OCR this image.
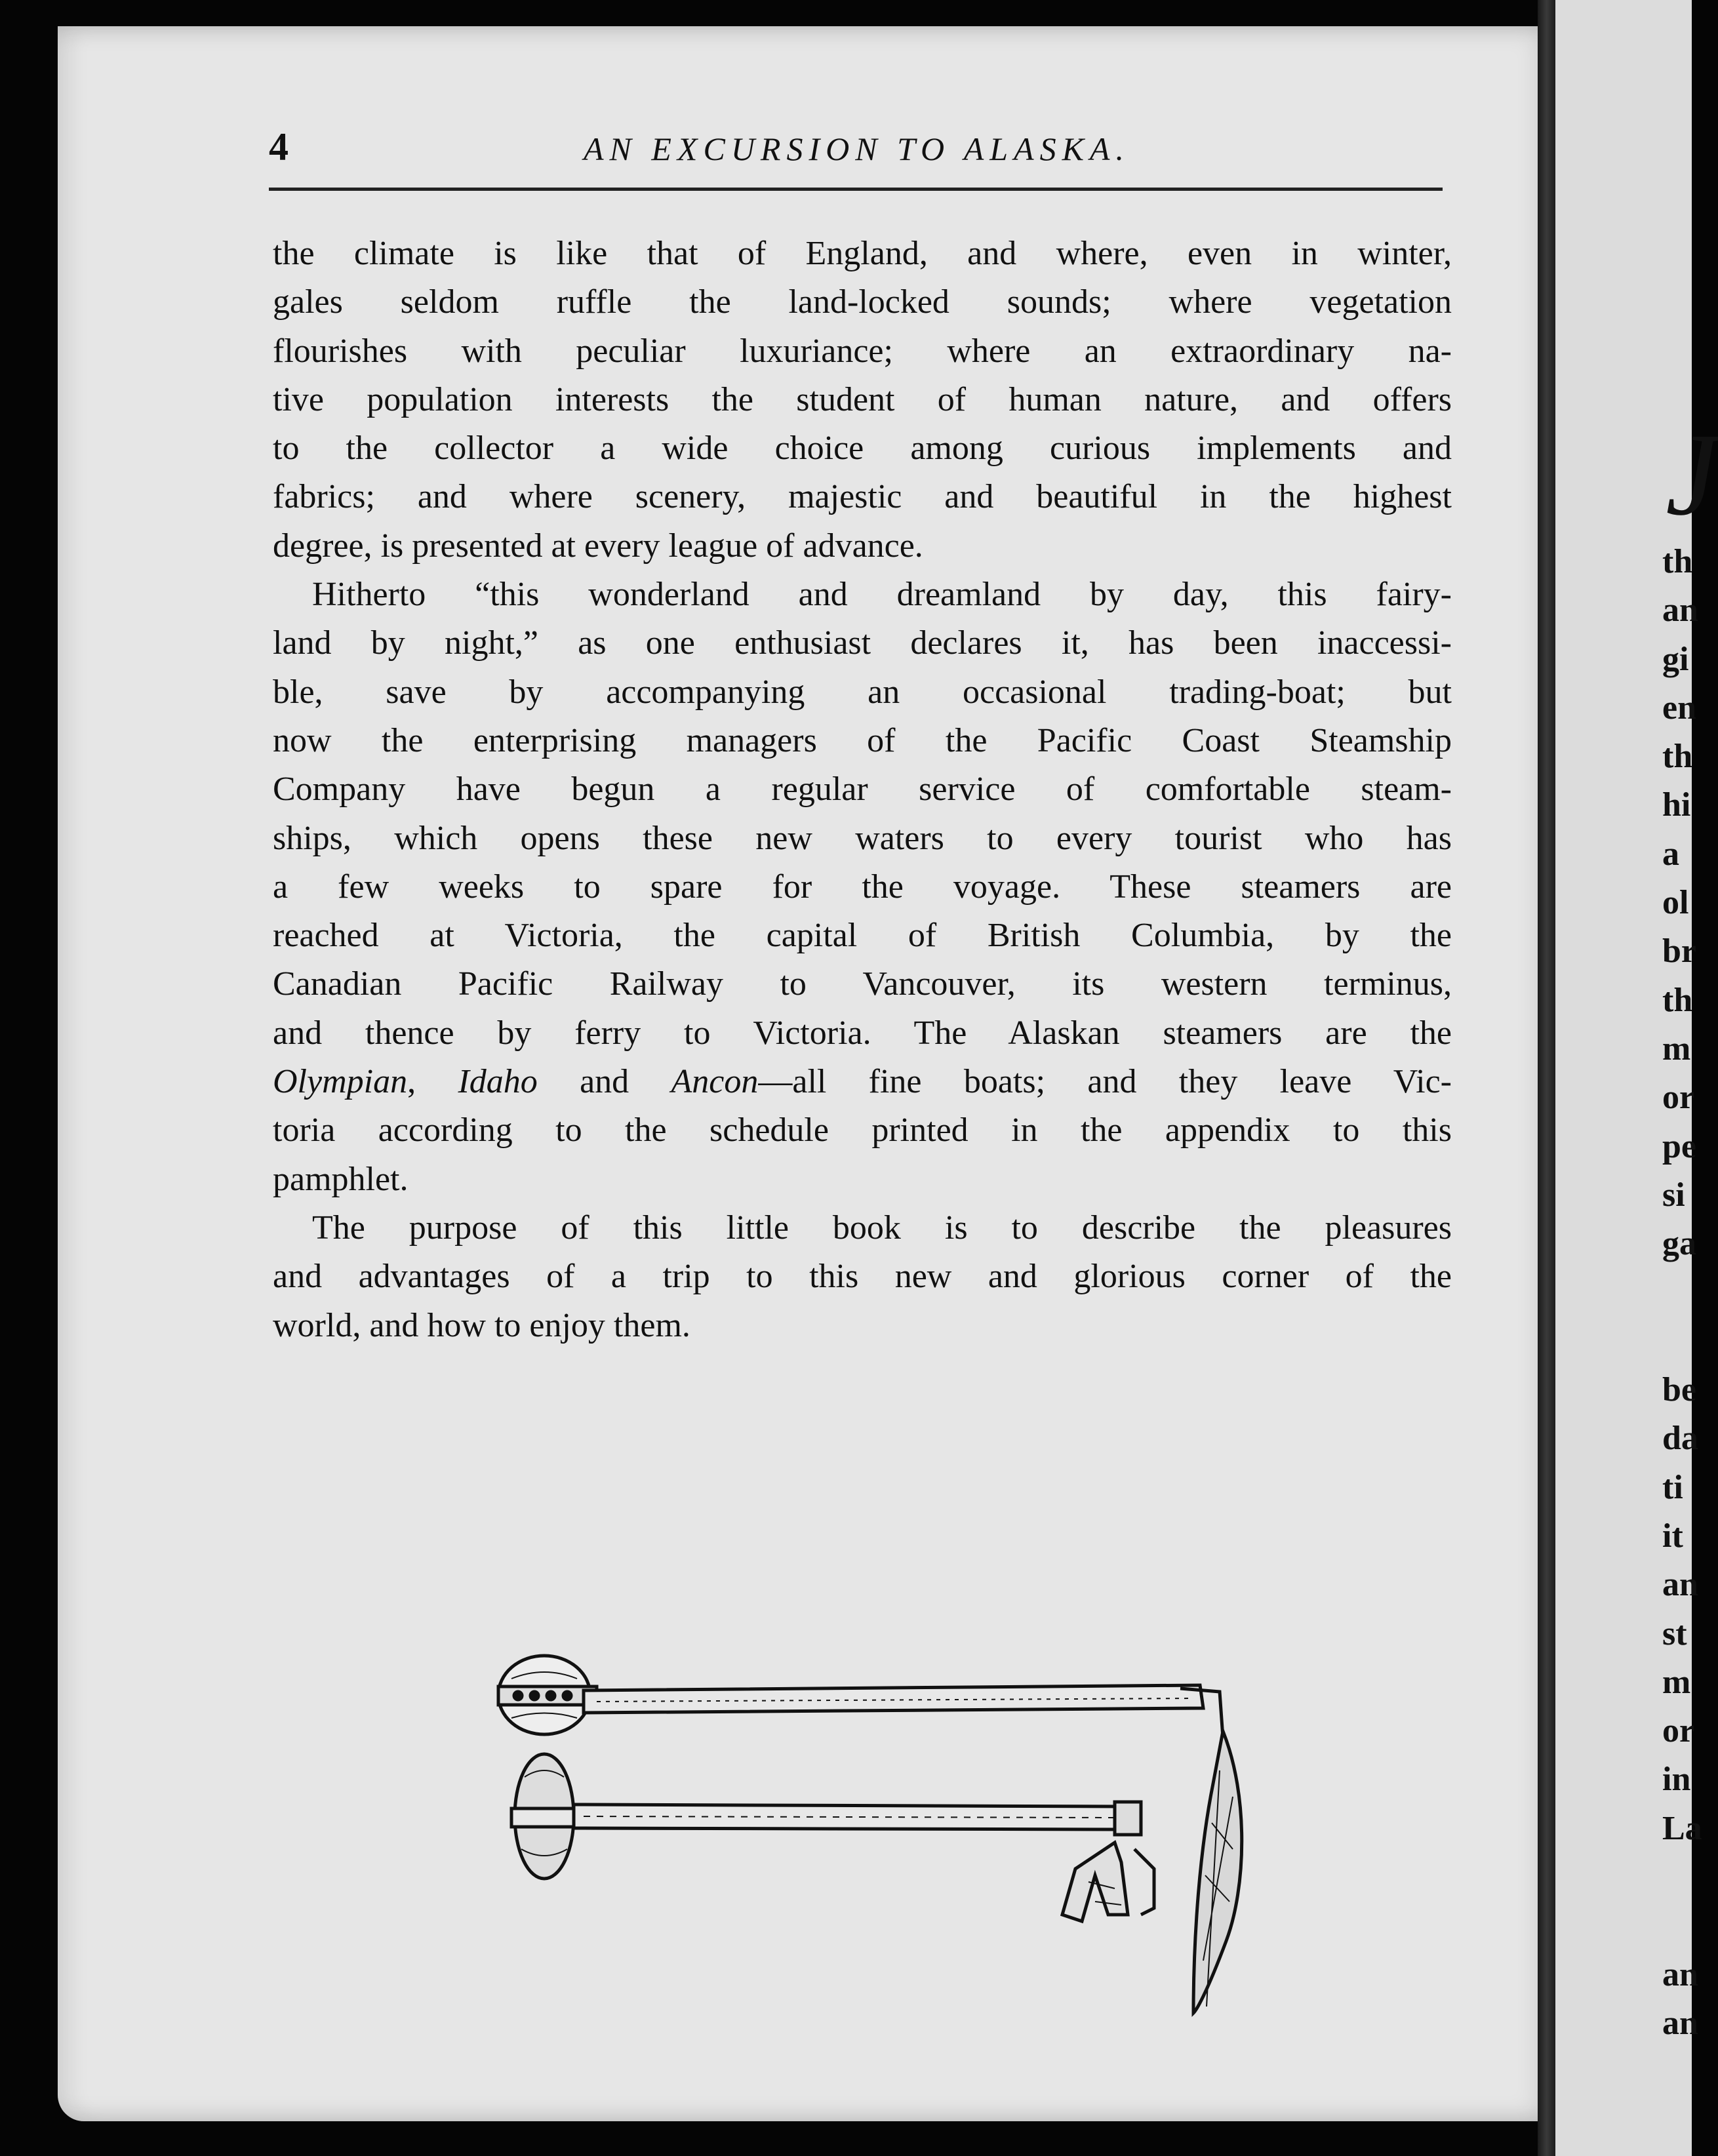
4	AN EXCURSION TO ALASKA.
the climate is like that of England, and where, even in winter,
gales seldom ruffle the land-locked sounds; where vegetation
flourishes with peculiar luxuriance; where an extraordinary na-
tive population interests the student of human nature, and offers
to the collector a wide choice among curious implements and
fabrics; and where scenery, majestic and beautiful in the highest
degree, is presented at every league of advance.
Hitherto “this wonderland and dreamland by day, this fairy-
land by night,” as one enthusiast declares it, has been inaccessi-
ble, save by accompanying an occasional trading-boat; but
now the enterprising managers of the Pacific Coast Steamship
Company have begun a regular service of comfortable steam-
ships, which opens these new waters to every tourist who has
a few weeks to spare for the voyage. These steamers are
reached at Victoria, the capital of British Columbia, by the
Canadian Pacific Railway to Vancouver, its western terminus,
and thence by ferry to Victoria. The Alaskan steamers are the
Olympian, Idaho and Ancon—all fine boats; and they leave Vic-
toria according to the schedule printed in the appendix to this
pamphlet.
The purpose of this little book is to describe the pleasures
and advantages of a trip to this new and glorious corner of the
world, and how to enjoy them.
J
th
an
gi
en
th
hi
a
ol
br
th
m
or
pe
si
ga
be
da
ti
it
an
st
m
or
in
La
an
an
